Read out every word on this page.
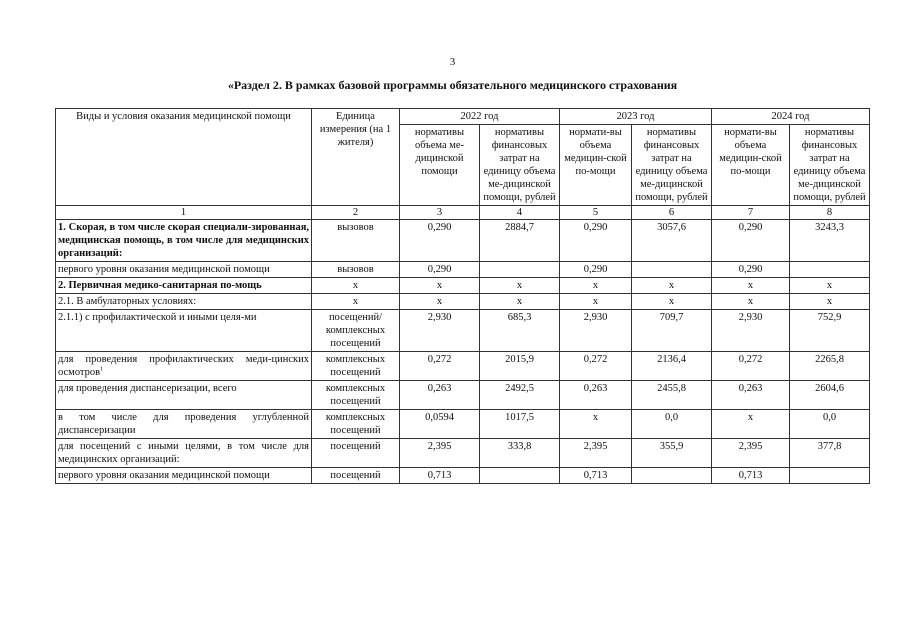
3
«Раздел 2. В рамках базовой программы обязательного медицинского страхования
Виды и условия оказания медицинской помощи	Единица измерения (на 1 жителя)	2022 год		2023 год		2024 год	
		нормативы объема ме-дицинской помощи	нормативы финансовых затрат на единицу объема ме-дицинской помощи, рублей	нормати-вы объема медицин-ской по-мощи	нормативы финансовых затрат на единицу объема ме-дицинской помощи, рублей	нормати-вы объема медицин-ской по-мощи	нормативы финансовых затрат на единицу объема ме-дицинской помощи, рублей
1	2	3	4	5	6	7	8
1. Скорая, в том числе скорая специали-зированная, медицинская помощь, в том числе для медицинских организаций:	вызовов	0,290	2884,7	0,290	3057,6	0,290	3243,3
первого уровня оказания медицинской помощи	вызовов	0,290		0,290		0,290	
2. Первичная медико-санитарная по-мощь	х	х	х	х	х	х	х
2.1. В амбулаторных условиях:	х	х	х	х	х	х	х
2.1.1) с профилактической и иными целя-ми	посещений/ комплексных посещений	2,930	685,3	2,930	709,7	2,930	752,9
для проведения профилактических меди-цинских осмотров$^1$	комплексных посещений	0,272	2015,9	0,272	2136,4	0,272	2265,8
для проведения диспансеризации, всего	комплексных посещений	0,263	2492,5	0,263	2455,8	0,263	2604,6
в том числе для проведения углубленной диспансеризации	комплексных посещений	0,0594	1017,5	х	0,0	х	0,0
для посещений с иными целями, в том числе для медицинских организаций:	посещений	2,395	333,8	2,395	355,9	2,395	377,8
первого уровня оказания медицинской помощи	посещений	0,713		0,713		0,713	
